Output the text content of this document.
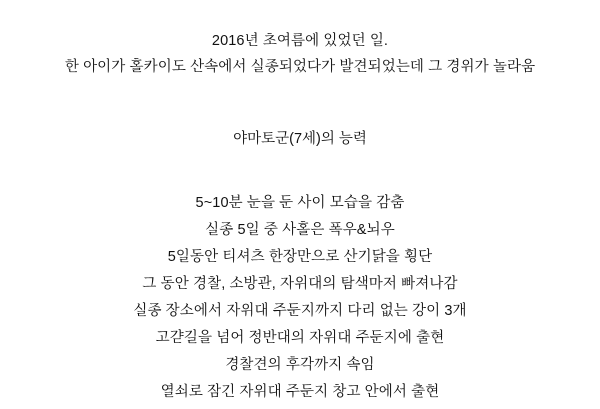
2016년 초여름에 있었던 일.
한 아이가 홀카이도 산속에서 실종되었다가 발견되었는데 그 경위가 놀라움
야마토군(7세)의 능력
5~10분 눈을 둔 사이 모습을 감춤
실종 5일 중 사홀은 폭우&뇌우
5일동안 티셔츠 한장만으로 산기닭을 횡단
그 동안 경찰, 소방관, 자위대의 탐색마저 빠져나감
실종 장소에서 자위대 주둔지까지 다리 없는 강이 3개
고갿길을 넘어 정반대의 자위대 주둔지에 출현
경찰견의 후각까지 속임
열쇠로 잠긴 자위대 주둔지 창고 안에서 출현
